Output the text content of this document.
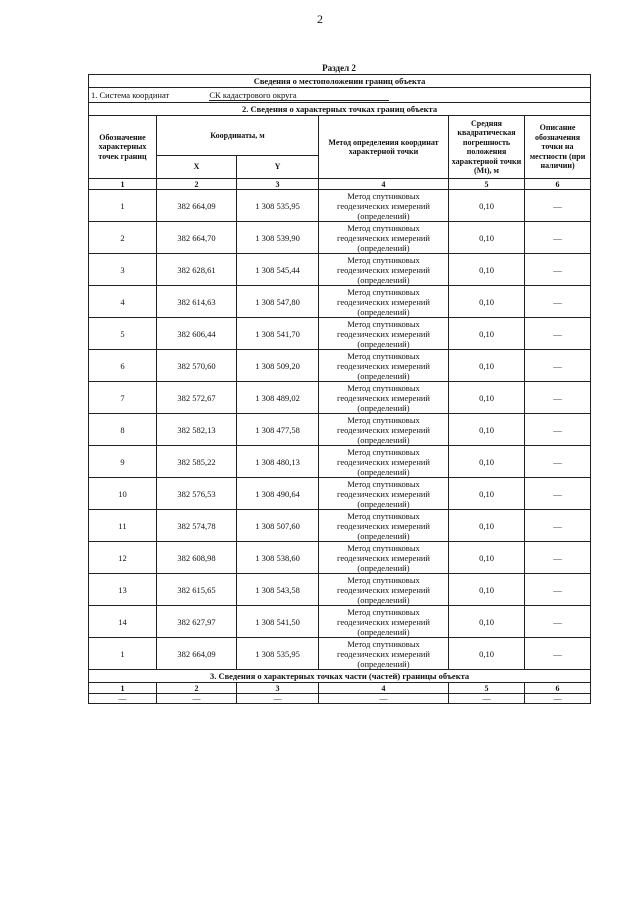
2
Раздел 2
Сведения о местоположении границ объекта					
1. Система координат СК кадастрового округа					
2. Сведения о характерных точках границ объекта					
Обозначение характерных точек границ	Координаты, м		Метод определения координат характерной точки	Средняя квадратическая погрешность положения характерной точки (Mt), м	Описание обозначения точки на местности (при наличии)
	X	Y			
1	2	3	4	5	6
1	382 664,09	1 308 535,95	Метод спутниковых геодезических измерений (определений)	0,10	—
2	382 664,70	1 308 539,90	Метод спутниковых геодезических измерений (определений)	0,10	—
3	382 628,61	1 308 545,44	Метод спутниковых геодезических измерений (определений)	0,10	—
4	382 614,63	1 308 547,80	Метод спутниковых геодезических измерений (определений)	0,10	—
5	382 606,44	1 308 541,70	Метод спутниковых геодезических измерений (определений)	0,10	—
6	382 570,60	1 308 509,20	Метод спутниковых геодезических измерений (определений)	0,10	—
7	382 572,67	1 308 489,02	Метод спутниковых геодезических измерений (определений)	0,10	—
8	382 582,13	1 308 477,58	Метод спутниковых геодезических измерений (определений)	0,10	—
9	382 585,22	1 308 480,13	Метод спутниковых геодезических измерений (определений)	0,10	—
10	382 576,53	1 308 490,64	Метод спутниковых геодезических измерений (определений)	0,10	—
11	382 574,78	1 308 507,60	Метод спутниковых геодезических измерений (определений)	0,10	—
12	382 608,98	1 308 538,60	Метод спутниковых геодезических измерений (определений)	0,10	—
13	382 615,65	1 308 543,58	Метод спутниковых геодезических измерений (определений)	0,10	—
14	382 627,97	1 308 541,50	Метод спутниковых геодезических измерений (определений)	0,10	—
1	382 664,09	1 308 535,95	Метод спутниковых геодезических измерений (определений)	0,10	—
3. Сведения о характерных точках части (частей) границы объекта					
1	2	3	4	5	6
—	—	—	—	—	—
